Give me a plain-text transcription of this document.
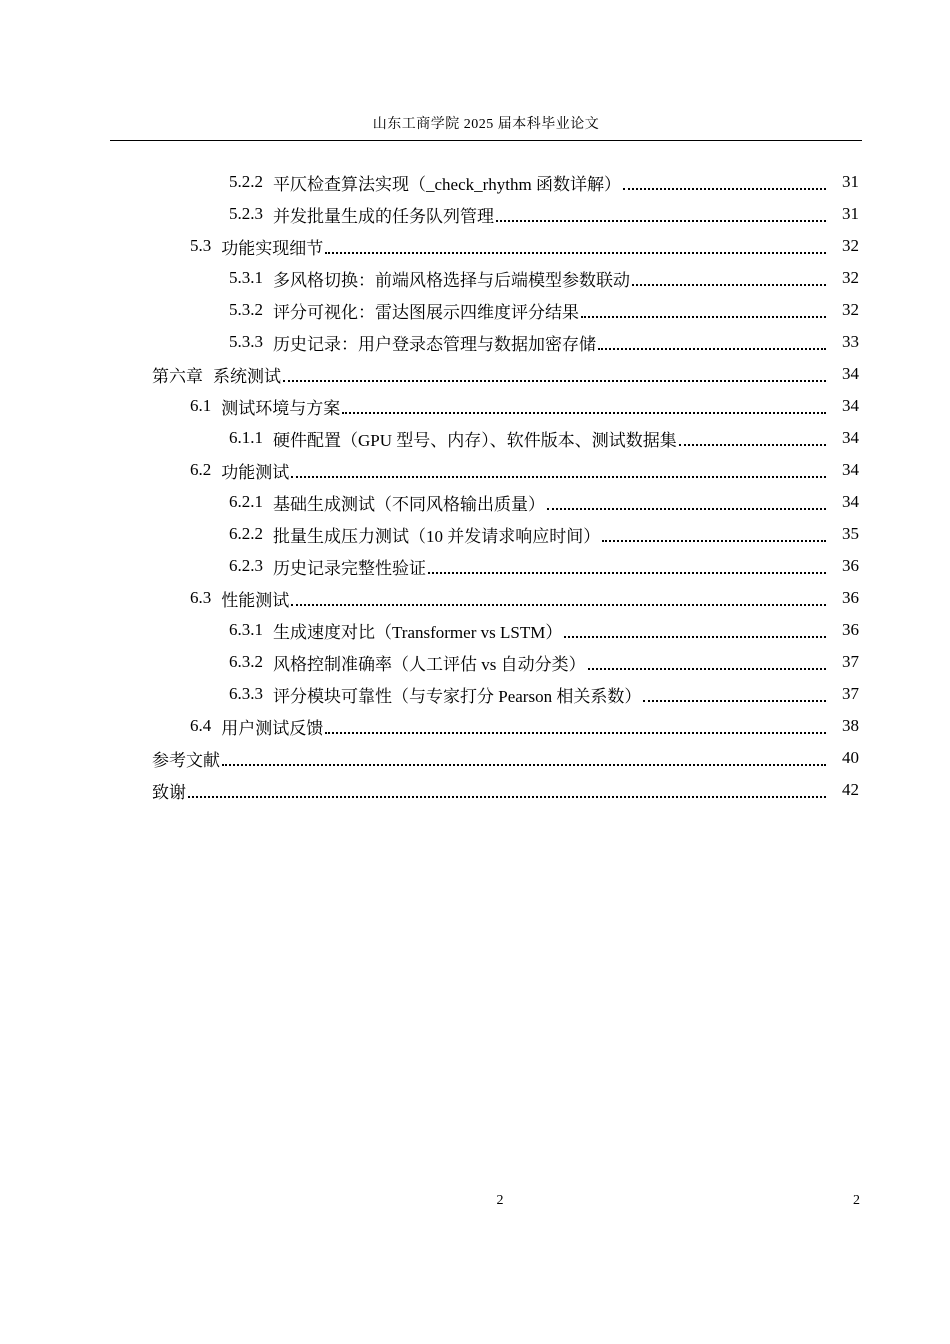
山东工商学院 2025 届本科毕业论文
5.2.2 平仄检查算法实现（_check_rhythm 函数详解）	31
5.2.3 并发批量生成的任务队列管理	31
5.3 功能实现细节	32
5.3.1 多风格切换：前端风格选择与后端模型参数联动	32
5.3.2 评分可视化：雷达图展示四维度评分结果	32
5.3.3 历史记录：用户登录态管理与数据加密存储	33
第六章 系统测试	34
6.1 测试环境与方案	34
6.1.1 硬件配置（GPU 型号、内存）、软件版本、测试数据集	34
6.2 功能测试	34
6.2.1 基础生成测试（不同风格输出质量）	34
6.2.2 批量生成压力测试（10 并发请求响应时间）	35
6.2.3 历史记录完整性验证	36
6.3 性能测试	36
6.3.1 生成速度对比（Transformer vs LSTM）	36
6.3.2 风格控制准确率（人工评估 vs 自动分类）	37
6.3.3 评分模块可靠性（与专家打分 Pearson 相关系数）	37
6.4 用户测试反馈	38
参考文献	40
致谢	42
2	2
